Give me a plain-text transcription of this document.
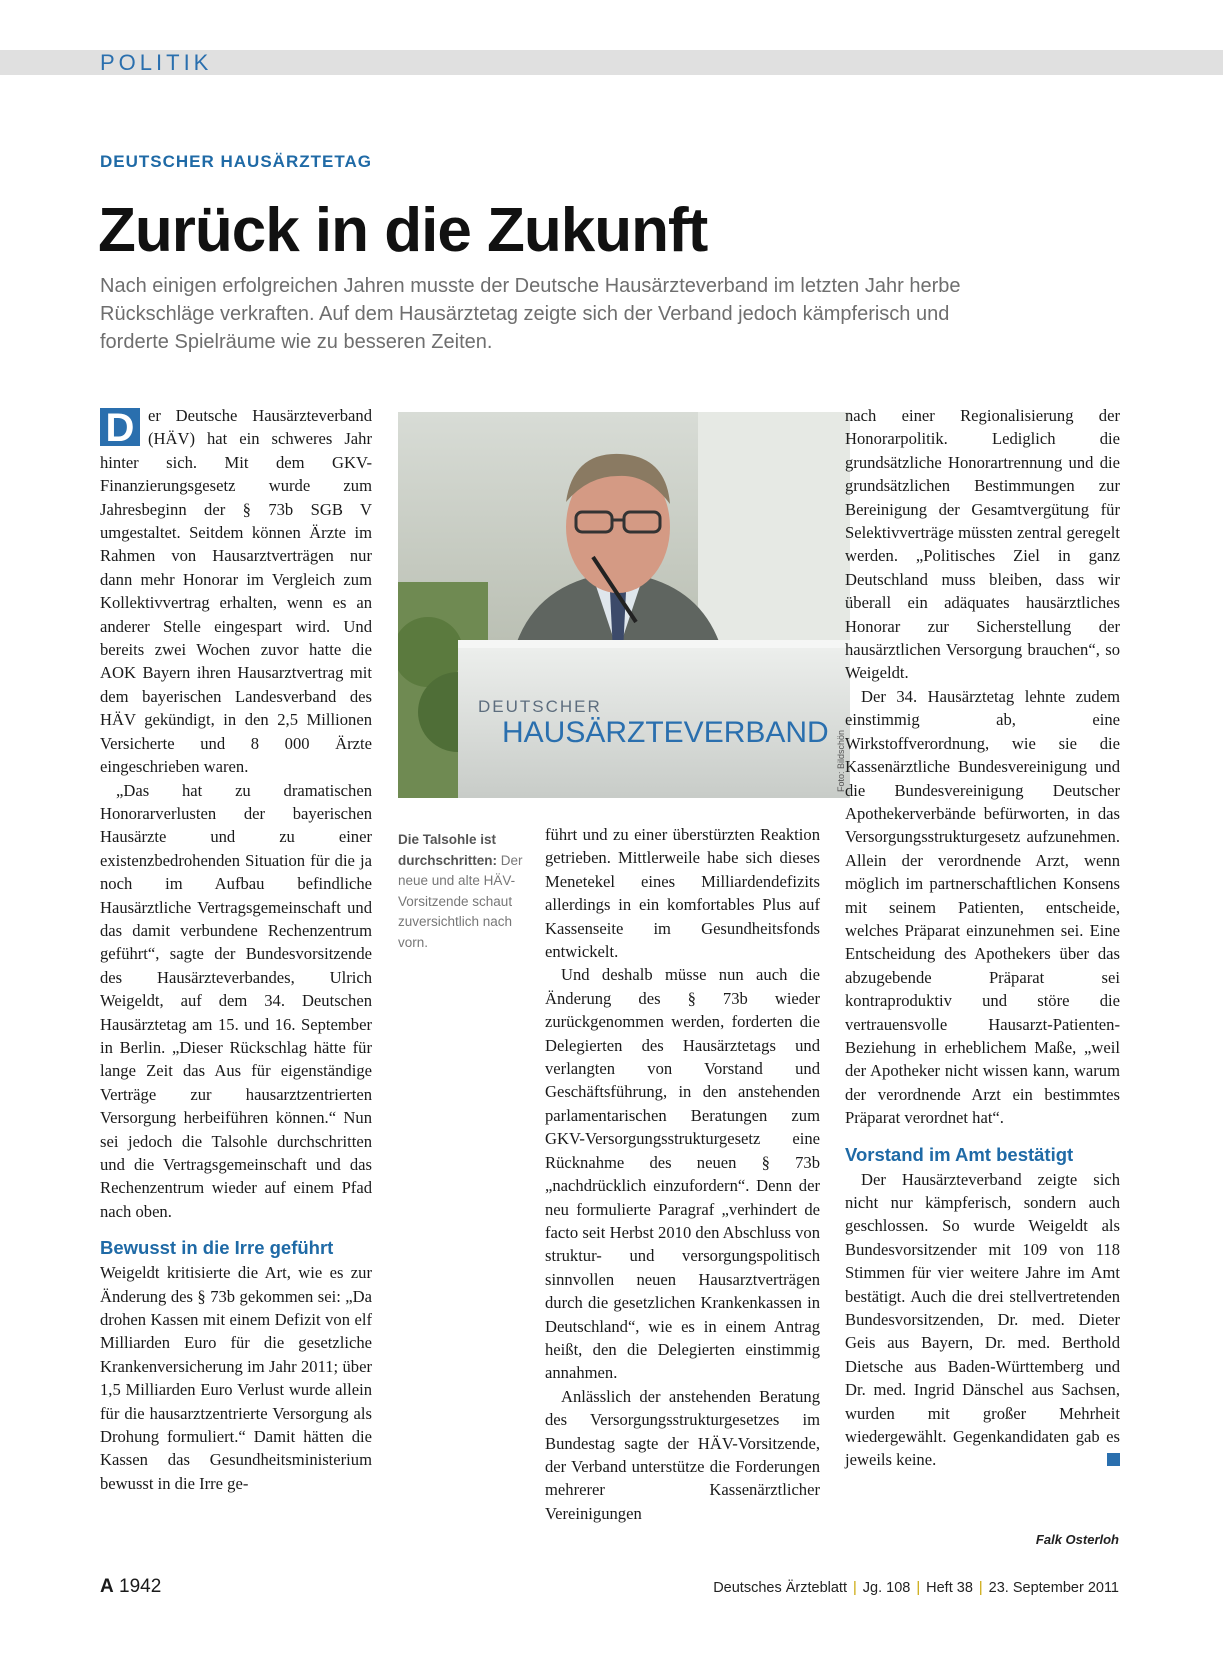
POLITIK
DEUTSCHER HAUSÄRZTETAG
Zurück in die Zukunft
Nach einigen erfolgreichen Jahren musste der Deutsche Hausärzteverband im letzten Jahr herbe Rückschläge verkraften. Auf dem Hausärztetag zeigte sich der Verband jedoch kämpferisch und forderte Spielräume wie zu besseren Zeiten.

D er Deutsche Hausärzteverband (HÄV) hat ein schweres Jahr hinter sich. Mit dem GKV-Finanzierungsgesetz wurde zum Jahresbeginn der § 73b SGB V umgestaltet. Seitdem können Ärzte im Rahmen von Hausarztverträgen nur dann mehr Honorar im Vergleich zum Kollektivvertrag erhalten, wenn es an anderer Stelle eingespart wird. Und bereits zwei Wochen zuvor hatte die AOK Bayern ihren Hausarztvertrag mit dem bayerischen Landesverband des HÄV gekündigt, in den 2,5 Millionen Versicherte und 8 000 Ärzte eingeschrieben waren.

„Das hat zu dramatischen Honorarverlusten der bayerischen Hausärzte und zu einer existenzbedrohenden Situation für die ja noch im Aufbau befindliche Hausärztliche Vertragsgemeinschaft und das damit verbundene Rechenzentrum geführt“, sagte der Bundesvorsitzende des Hausärzteverbandes, Ulrich Weigeldt, auf dem 34. Deutschen Hausärztetag am 15. und 16. September in Berlin. „Dieser Rückschlag hätte für lange Zeit das Aus für eigenständige Verträge zur hausarztzentrierten Versorgung herbeiführen können.“ Nun sei jedoch die Talsohle durchschritten und die Vertragsgemeinschaft und das Rechenzentrum wieder auf einem Pfad nach oben.

Bewusst in die Irre geführt

Weigeldt kritisierte die Art, wie es zur Änderung des § 73b gekommen sei: „Da drohen Kassen mit einem Defizit von elf Milliarden Euro für die gesetzliche Krankenversicherung im Jahr 2011; über 1,5 Milliarden Euro Verlust wurde allein für die hausarztzentrierte Versorgung als Drohung formuliert.“ Damit hätten die Kassen das Gesundheitsministerium bewusst in die Irre ge-

DEUTSCHER
HAUSÄRZTEVERBAND Foto: Bildschön
Die Talsohle ist durchschritten: Der neue und alte HÄV-Vorsitzende schaut zuversichtlich nach vorn.

führt und zu einer überstürzten Reaktion getrieben. Mittlerweile habe sich dieses Menetekel eines Milliardendefizits allerdings in ein komfortables Plus auf Kassenseite im Gesundheitsfonds entwickelt.

Und deshalb müsse nun auch die Änderung des § 73b wieder zurückgenommen werden, forderten die Delegierten des Hausärztetags und verlangten von Vorstand und Geschäftsführung, in den anstehenden parlamentarischen Beratungen zum GKV-Versorgungsstrukturgesetz eine Rücknahme des neuen § 73b „nachdrücklich einzufordern“. Denn der neu formulierte Paragraf „verhindert de facto seit Herbst 2010 den Abschluss von struktur- und versorgungspolitisch sinnvollen neuen Hausarztverträgen durch die gesetzlichen Krankenkassen in Deutschland“, wie es in einem Antrag heißt, den die Delegierten einstimmig annahmen.

Anlässlich der anstehenden Beratung des Versorgungsstrukturgesetzes im Bundestag sagte der HÄV-Vorsitzende, der Verband unterstütze die Forderungen mehrerer Kassenärztlicher Vereinigungen

nach einer Regionalisierung der Honorarpolitik. Lediglich die grundsätzliche Honorartrennung und die grundsätzlichen Bestimmungen zur Bereinigung der Gesamtvergütung für Selektivverträge müssten zentral geregelt werden. „Politisches Ziel in ganz Deutschland muss bleiben, dass wir überall ein adäquates hausärztliches Honorar zur Sicherstellung der hausärztlichen Versorgung brauchen“, so Weigeldt.

Der 34. Hausärztetag lehnte zudem einstimmig ab, eine Wirkstoffverordnung, wie sie die Kassenärztliche Bundesvereinigung und die Bundesvereinigung Deutscher Apothekerverbände befürworten, in das Versorgungsstrukturgesetz aufzunehmen. Allein der verordnende Arzt, wenn möglich im partnerschaftlichen Konsens mit seinem Patienten, entscheide, welches Präparat einzunehmen sei. Eine Entscheidung des Apothekers über das abzugebende Präparat sei kontraproduktiv und störe die vertrauensvolle Hausarzt-Patienten-Beziehung in erheblichem Maße, „weil der Apotheker nicht wissen kann, warum der verordnende Arzt ein bestimmtes Präparat verordnet hat“.

Vorstand im Amt bestätigt

Der Hausärzteverband zeigte sich nicht nur kämpferisch, sondern auch geschlossen. So wurde Weigeldt als Bundesvorsitzender mit 109 von 118 Stimmen für vier weitere Jahre im Amt bestätigt. Auch die drei stellvertretenden Bundesvorsitzenden, Dr. med. Dieter Geis aus Bayern, Dr. med. Berthold Dietsche aus Baden-Württemberg und Dr. med. Ingrid Dänschel aus Sachsen, wurden mit großer Mehrheit wiedergewählt. Gegenkandidaten gab es jeweils keine.

Falk Osterloh
A 1942	Deutsches Ärzteblatt | Jg. 108 | Heft 38 | 23. September 2011
